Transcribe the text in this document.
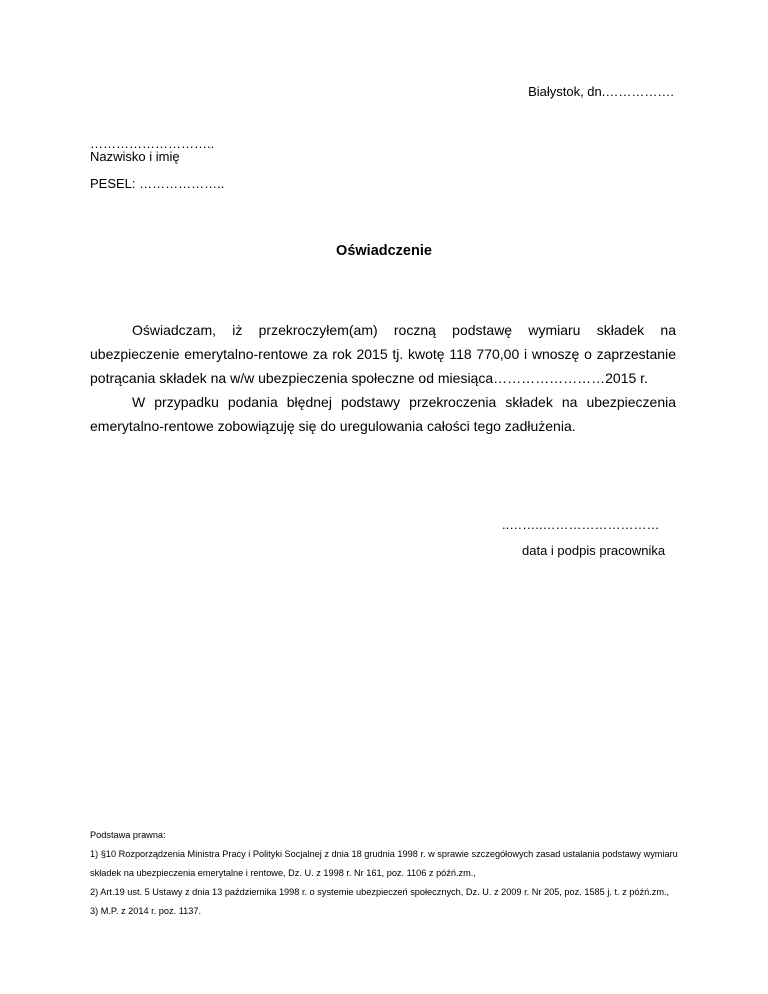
Białystok, dn.…………….
………………………..
Nazwisko i imię
PESEL: ………………..
Oświadczenie

Oświadczam, iż przekroczyłem(am) roczną podstawę wymiaru składek na ubezpieczenie emerytalno-rentowe za rok 2015 tj. kwotę 118 770,00 i wnoszę o zaprzestanie potrącania składek na w/w ubezpieczenia społeczne od miesiąca……………………2015 r.

W przypadku podania błędnej podstawy przekroczenia składek na ubezpieczenia emerytalno-rentowe zobowiązuję się do uregulowania całości tego zadłużenia.

..……..………………………
data i podpis pracownika

Podstawa prawna:

1) §10 Rozporządzenia Ministra Pracy i Polityki Socjalnej z dnia 18 grudnia 1998 r. w sprawie szczegółowych zasad ustalania podstawy wymiaru

składek na ubezpieczenia emerytalne i rentowe, Dz. U. z 1998 r. Nr 161, poz. 1106 z późń.zm.,

2) Art.19 ust. 5 Ustawy z dnia 13 października 1998 r. o systemie ubezpieczeń społecznych, Dz. U. z 2009 r. Nr 205, poz. 1585 j. t. z późń.zm.,

3) M.P. z 2014 r. poz. 1137.
